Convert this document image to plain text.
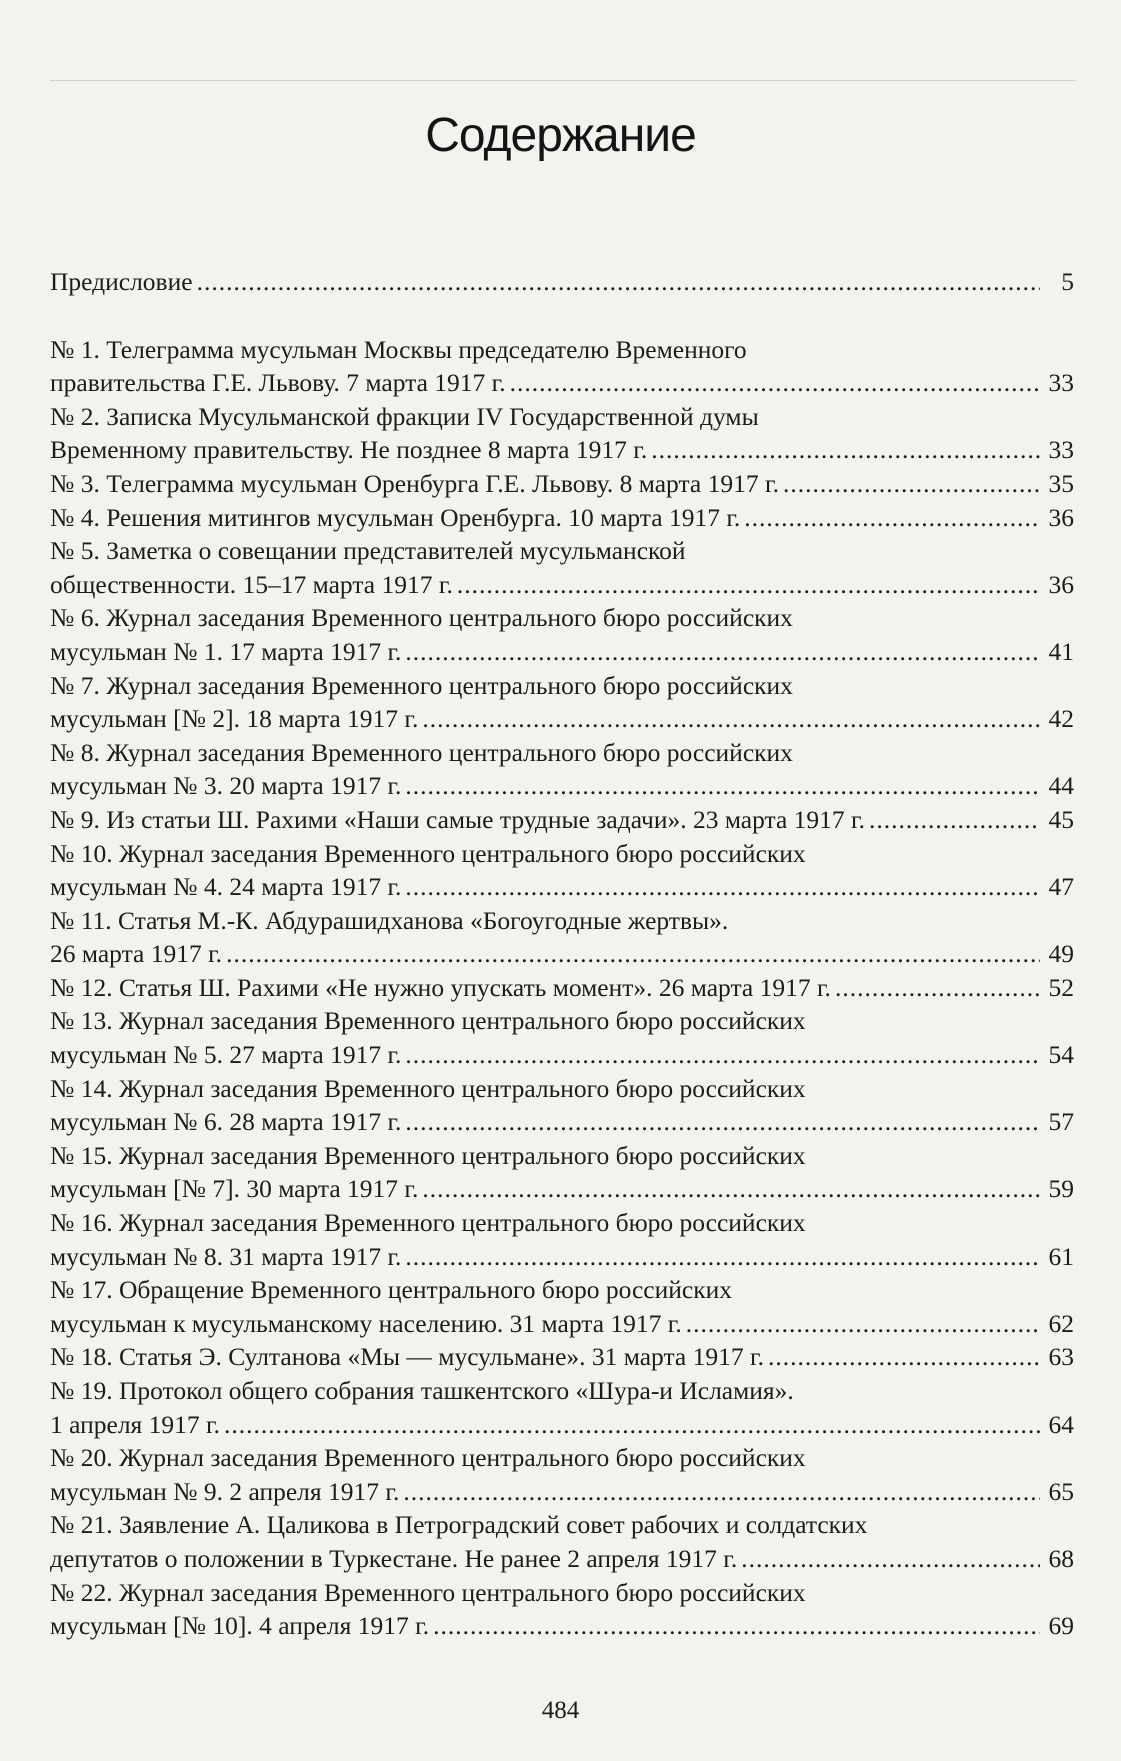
Содержание
Предисловие .....	5
№ 1. Телеграмма мусульман Москвы председателю Временного
правительства Г.Е. Львову. 7 марта 1917 г. .....	33
№ 2. Записка Мусульманской фракции IV Государственной думы
Временному правительству. Не позднее 8 марта 1917 г. .....	33
№ 3. Телеграмма мусульман Оренбурга Г.Е. Львову. 8 марта 1917 г. .....	35
№ 4. Решения митингов мусульман Оренбурга. 10 марта 1917 г. .....	36
№ 5. Заметка о совещании представителей мусульманской
общественности. 15–17 марта 1917 г. .....	36
№ 6. Журнал заседания Временного центрального бюро российских
мусульман № 1. 17 марта 1917 г. .....	41
№ 7. Журнал заседания Временного центрального бюро российских
мусульман [№ 2]. 18 марта 1917 г. .....	42
№ 8. Журнал заседания Временного центрального бюро российских
мусульман № 3. 20 марта 1917 г. .....	44
№ 9. Из статьи Ш. Рахими «Наши самые трудные задачи». 23 марта 1917 г. .....	45
№ 10. Журнал заседания Временного центрального бюро российских
мусульман № 4. 24 марта 1917 г. .....	47
№ 11. Статья М.-К. Абдурашидханова «Богоугодные жертвы».
26 марта 1917 г. .....	49
№ 12. Статья Ш. Рахими «Не нужно упускать момент». 26 марта 1917 г. .....	52
№ 13. Журнал заседания Временного центрального бюро российских
мусульман № 5. 27 марта 1917 г. .....	54
№ 14. Журнал заседания Временного центрального бюро российских
мусульман № 6. 28 марта 1917 г. .....	57
№ 15. Журнал заседания Временного центрального бюро российских
мусульман [№ 7]. 30 марта 1917 г. .....	59
№ 16. Журнал заседания Временного центрального бюро российских
мусульман № 8. 31 марта 1917 г. .....	61
№ 17. Обращение Временного центрального бюро российских
мусульман к мусульманскому населению. 31 марта 1917 г. .....	62
№ 18. Статья Э. Султанова «Мы — мусульмане». 31 марта 1917 г. .....	63
№ 19. Протокол общего собрания ташкентского «Шура-и Исламия».
1 апреля 1917 г. .....	64
№ 20. Журнал заседания Временного центрального бюро российских
мусульман № 9. 2 апреля 1917 г. .....	65
№ 21. Заявление А. Цаликова в Петроградский совет рабочих и солдатских
депутатов о положении в Туркестане. Не ранее 2 апреля 1917 г. .....	68
№ 22. Журнал заседания Временного центрального бюро российских
мусульман [№ 10]. 4 апреля 1917 г. .....	69
484
